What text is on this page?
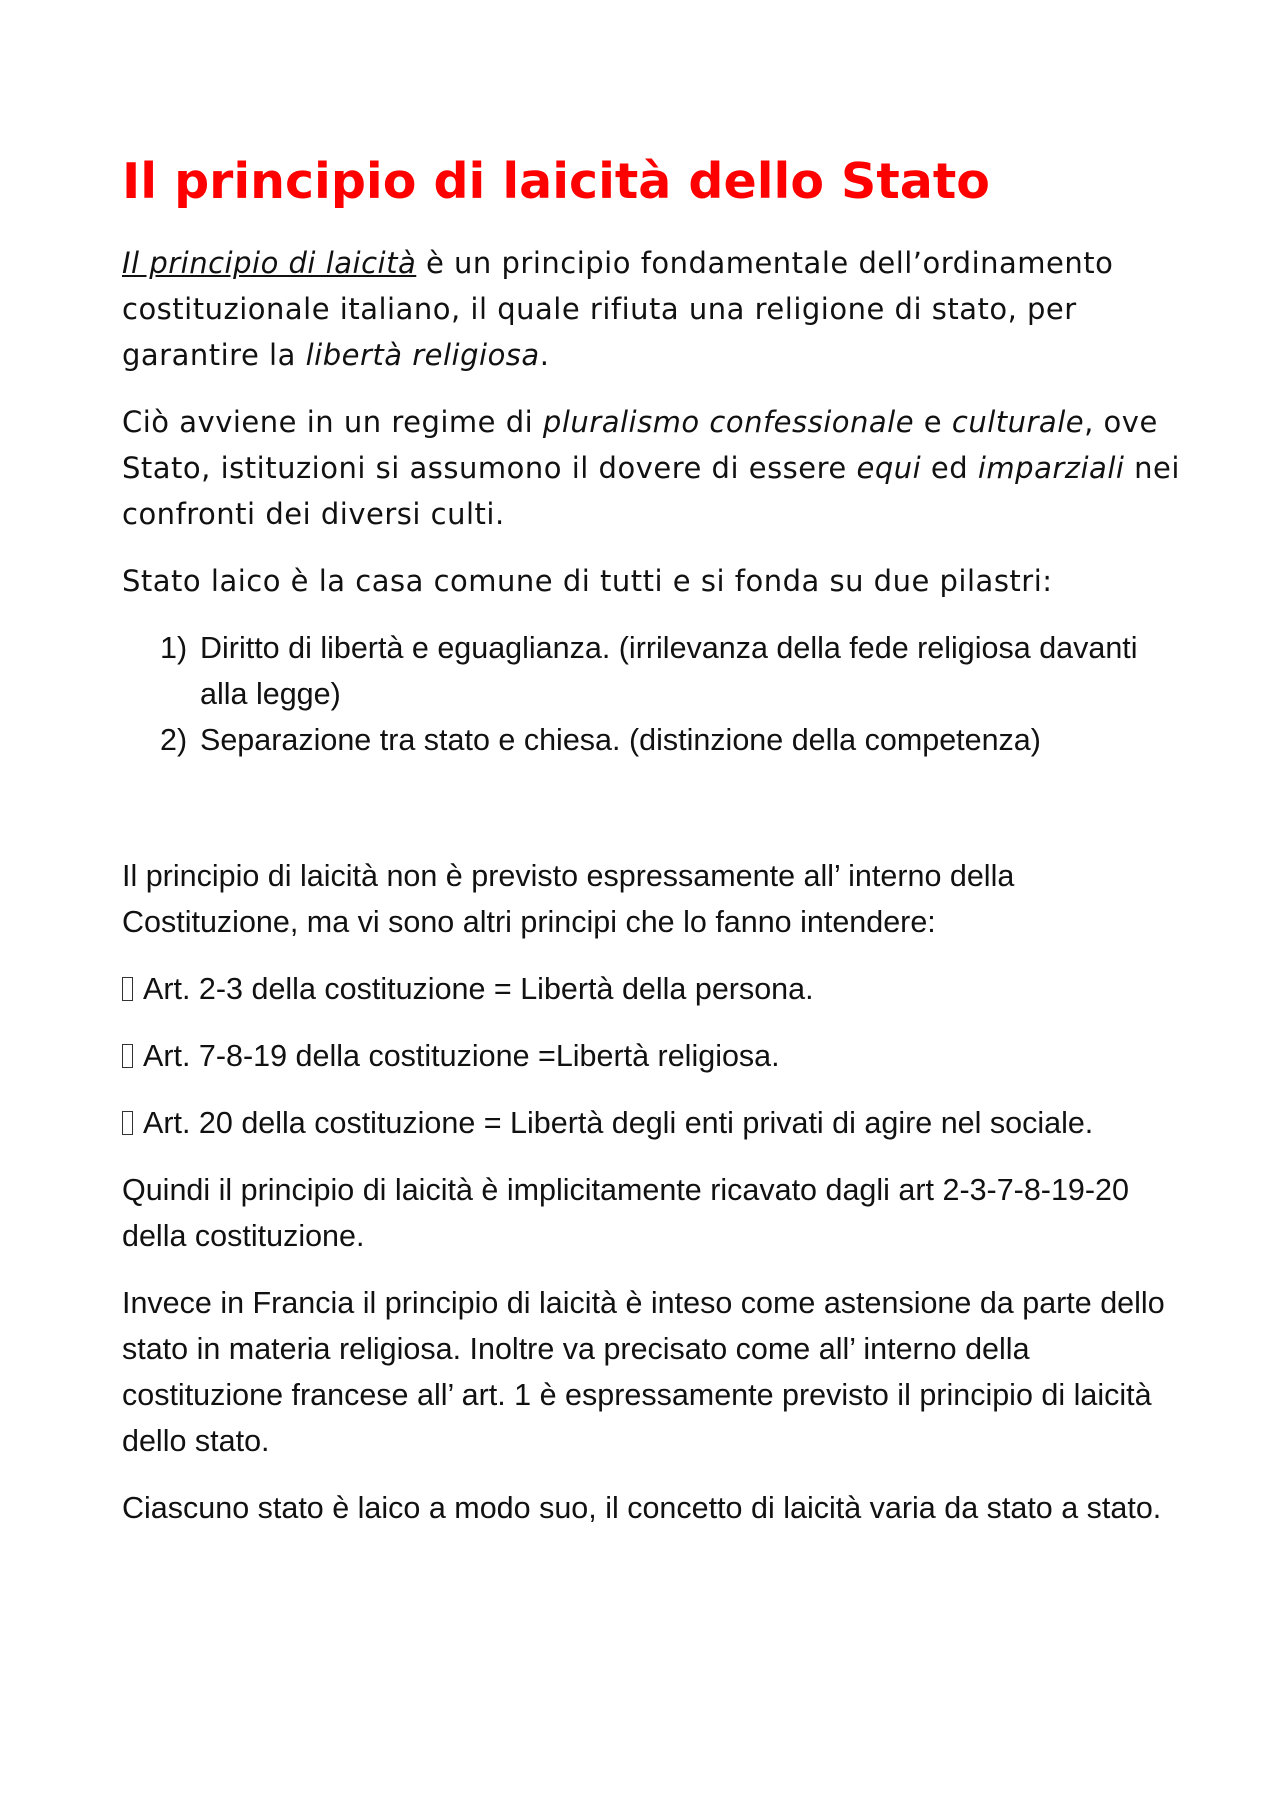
Il principio di laicità dello Stato

Il principio di laicità è un principio fondamentale dell’ordinamento costituzionale italiano, il quale rifiuta una religione di stato, per garantire la libertà religiosa.

Ciò avviene in un regime di pluralismo confessionale e culturale, ove Stato, istituzioni si assumono il dovere di essere equi ed imparziali nei confronti dei diversi culti.

Stato laico è la casa comune di tutti e si fonda su due pilastri:

1) Diritto di libertà e eguaglianza. (irrilevanza della fede religiosa davanti alla legge)
2) Separazione tra stato e chiesa. (distinzione della competenza)

Il principio di laicità non è previsto espressamente all’ interno della Costituzione, ma vi sono altri principi che lo fanno intendere:

Art. 2-3 della costituzione = Libertà della persona.

Art. 7-8-19 della costituzione =Libertà religiosa.

Art. 20 della costituzione = Libertà degli enti privati di agire nel sociale.

Quindi il principio di laicità è implicitamente ricavato dagli art 2-3-7-8-19-20 della costituzione.

Invece in Francia il principio di laicità è inteso come astensione da parte dello stato in materia religiosa. Inoltre va precisato come all’ interno della costituzione francese all’ art. 1 è espressamente previsto il principio di laicità dello stato.

Ciascuno stato è laico a modo suo, il concetto di laicità varia da stato a stato.
